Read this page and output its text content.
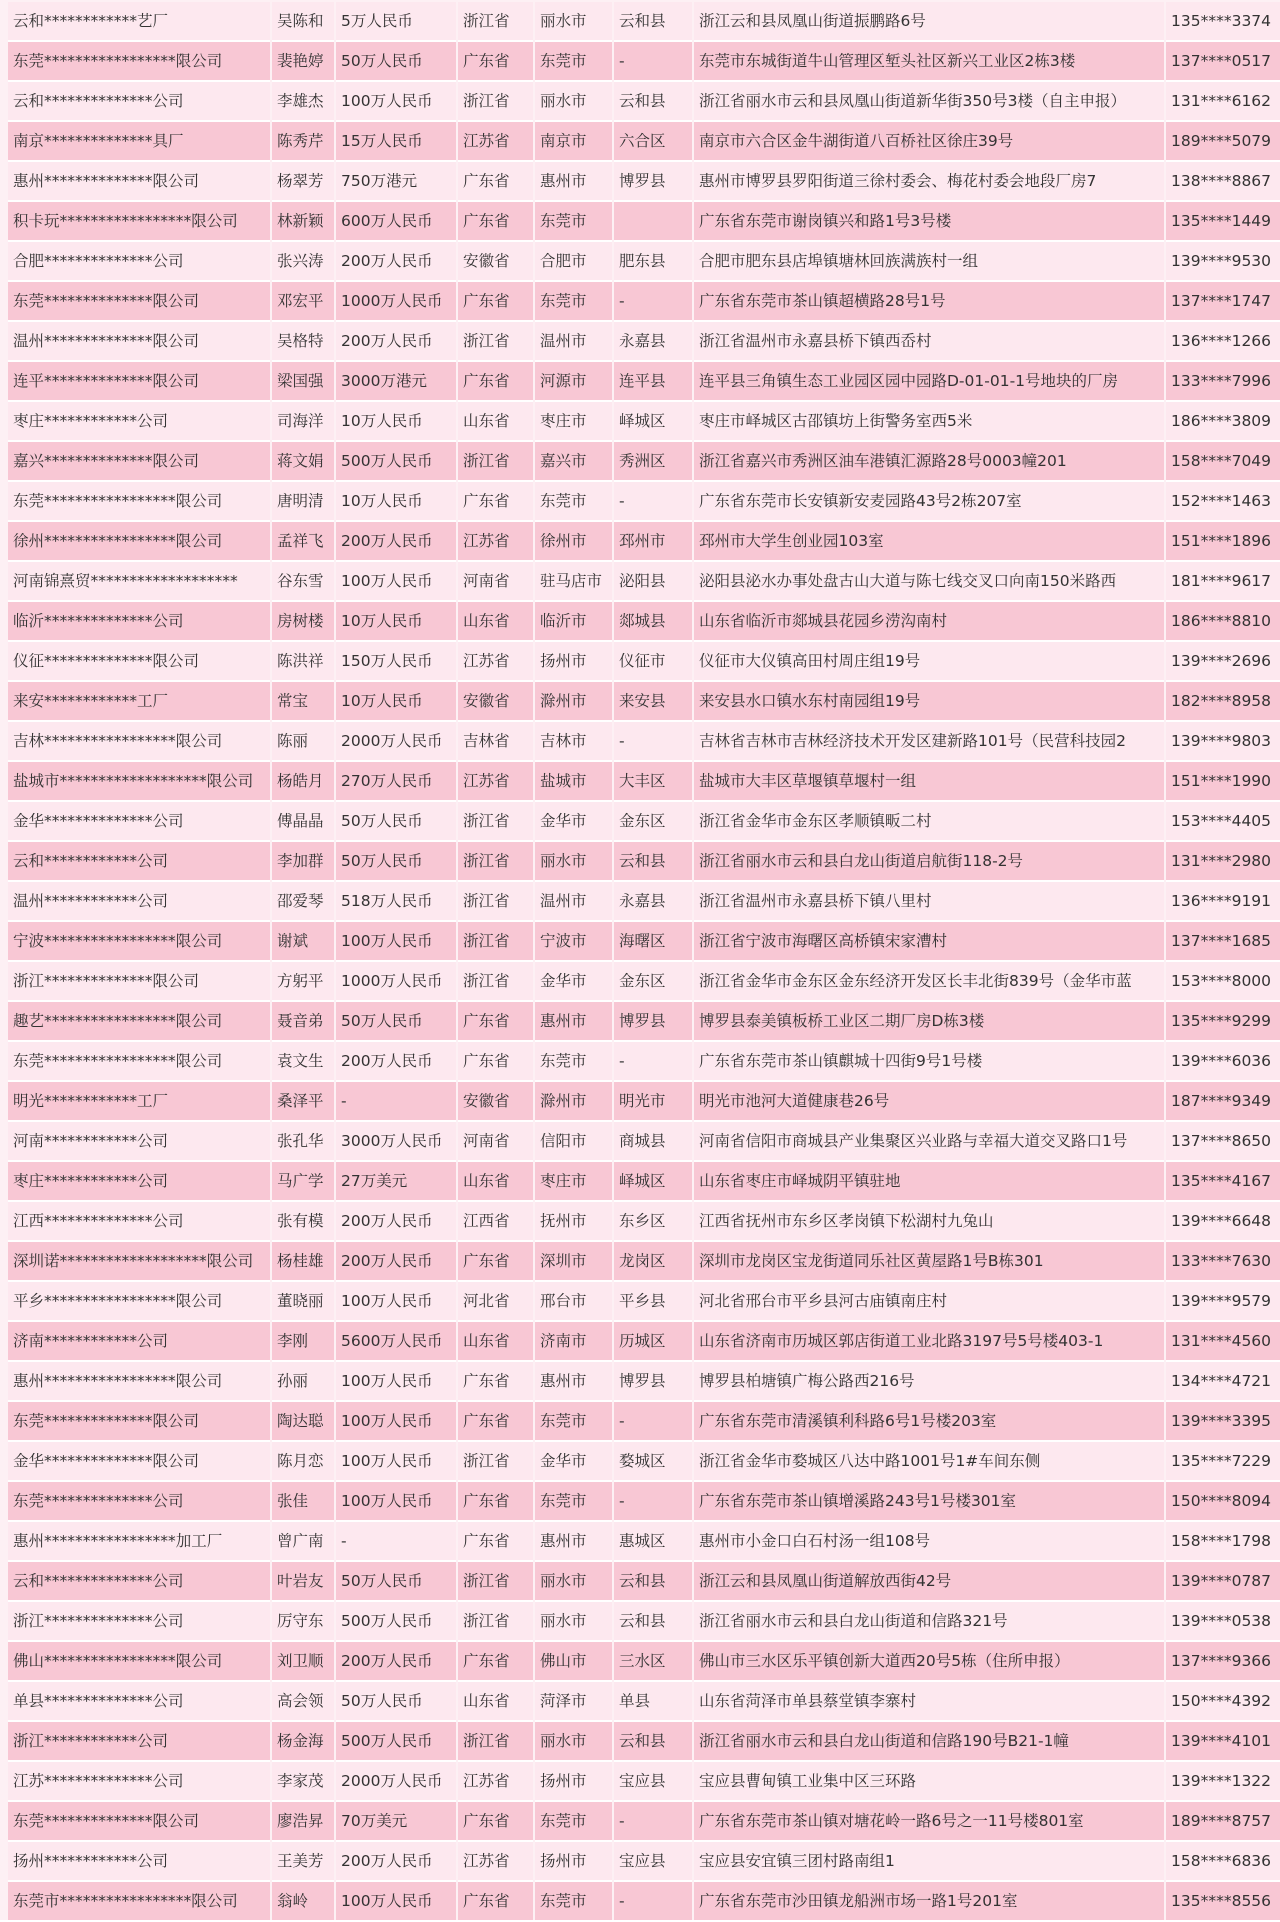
云和************艺厂	吴陈和	5万人民币	浙江省	丽水市	云和县	浙江云和县凤凰山街道振鹏路6号	135****3374
东莞*****************限公司	裴艳婷	50万人民币	广东省	东莞市	-	东莞市东城街道牛山管理区堑头社区新兴工业区2栋3楼	137****0517
云和**************公司	李雄杰	100万人民币	浙江省	丽水市	云和县	浙江省丽水市云和县凤凰山街道新华街350号3楼（自主申报）	131****6162
南京**************具厂	陈秀芹	15万人民币	江苏省	南京市	六合区	南京市六合区金牛湖街道八百桥社区徐庄39号	189****5079
惠州**************限公司	杨翠芳	750万港元	广东省	惠州市	博罗县	惠州市博罗县罗阳街道三徐村委会、梅花村委会地段厂房7	138****8867
积卡玩*****************限公司	林新颖	600万人民币	广东省	东莞市		广东省东莞市谢岗镇兴和路1号3号楼	135****1449
合肥**************公司	张兴涛	200万人民币	安徽省	合肥市	肥东县	合肥市肥东县店埠镇塘林回族满族村一组	139****9530
东莞**************限公司	邓宏平	1000万人民币	广东省	东莞市	-	广东省东莞市茶山镇超横路28号1号	137****1747
温州**************限公司	吴格特	200万人民币	浙江省	温州市	永嘉县	浙江省温州市永嘉县桥下镇西岙村	136****1266
连平**************限公司	梁国强	3000万港元	广东省	河源市	连平县	连平县三角镇生态工业园区园中园路D-01-01-1号地块的厂房	133****7996
枣庄************公司	司海洋	10万人民币	山东省	枣庄市	峄城区	枣庄市峄城区古邵镇坊上街警务室西5米	186****3809
嘉兴**************限公司	蒋文娟	500万人民币	浙江省	嘉兴市	秀洲区	浙江省嘉兴市秀洲区油车港镇汇源路28号0003幢201	158****7049
东莞*****************限公司	唐明清	10万人民币	广东省	东莞市	-	广东省东莞市长安镇新安麦园路43号2栋207室	152****1463
徐州*****************限公司	孟祥飞	200万人民币	江苏省	徐州市	邳州市	邳州市大学生创业园103室	151****1896
河南锦熹贸*******************	谷东雪	100万人民币	河南省	驻马店市	泌阳县	泌阳县泌水办事处盘古山大道与陈七线交叉口向南150米路西	181****9617
临沂**************公司	房树楼	10万人民币	山东省	临沂市	郯城县	山东省临沂市郯城县花园乡涝沟南村	186****8810
仪征**************限公司	陈洪祥	150万人民币	江苏省	扬州市	仪征市	仪征市大仪镇高田村周庄组19号	139****2696
来安************工厂	常宝	10万人民币	安徽省	滁州市	来安县	来安县水口镇水东村南园组19号	182****8958
吉林*****************限公司	陈丽	2000万人民币	吉林省	吉林市	-	吉林省吉林市吉林经济技术开发区建新路101号（民营科技园2	139****9803
盐城市*******************限公司	杨皓月	270万人民币	江苏省	盐城市	大丰区	盐城市大丰区草堰镇草堰村一组	151****1990
金华**************公司	傅晶晶	50万人民币	浙江省	金华市	金东区	浙江省金华市金东区孝顺镇畈二村	153****4405
云和************公司	李加群	50万人民币	浙江省	丽水市	云和县	浙江省丽水市云和县白龙山街道启航街118-2号	131****2980
温州************公司	邵爱琴	518万人民币	浙江省	温州市	永嘉县	浙江省温州市永嘉县桥下镇八里村	136****9191
宁波*****************限公司	谢斌	100万人民币	浙江省	宁波市	海曙区	浙江省宁波市海曙区高桥镇宋家漕村	137****1685
浙江**************限公司	方躬平	1000万人民币	浙江省	金华市	金东区	浙江省金华市金东区金东经济开发区长丰北街839号（金华市蓝	153****8000
趣艺*****************限公司	聂音弟	50万人民币	广东省	惠州市	博罗县	博罗县泰美镇板桥工业区二期厂房D栋3楼	135****9299
东莞*****************限公司	袁文生	200万人民币	广东省	东莞市	-	广东省东莞市茶山镇麒城十四街9号1号楼	139****6036
明光************工厂	桑泽平	-	安徽省	滁州市	明光市	明光市池河大道健康巷26号	187****9349
河南************公司	张孔华	3000万人民币	河南省	信阳市	商城县	河南省信阳市商城县产业集聚区兴业路与幸福大道交叉路口1号	137****8650
枣庄************公司	马广学	27万美元	山东省	枣庄市	峄城区	山东省枣庄市峄城阴平镇驻地	135****4167
江西**************公司	张有模	200万人民币	江西省	抚州市	东乡区	江西省抚州市东乡区孝岗镇下松湖村九兔山	139****6648
深圳诺*******************限公司	杨桂雄	200万人民币	广东省	深圳市	龙岗区	深圳市龙岗区宝龙街道同乐社区黄屋路1号B栋301	133****7630
平乡*****************限公司	董晓丽	100万人民币	河北省	邢台市	平乡县	河北省邢台市平乡县河古庙镇南庄村	139****9579
济南************公司	李刚	5600万人民币	山东省	济南市	历城区	山东省济南市历城区郭店街道工业北路3197号5号楼403-1	131****4560
惠州*****************限公司	孙丽	100万人民币	广东省	惠州市	博罗县	博罗县柏塘镇广梅公路西216号	134****4721
东莞**************限公司	陶达聪	100万人民币	广东省	东莞市	-	广东省东莞市清溪镇利科路6号1号楼203室	139****3395
金华**************限公司	陈月恋	100万人民币	浙江省	金华市	婺城区	浙江省金华市婺城区八达中路1001号1#车间东侧	135****7229
东莞**************公司	张佳	100万人民币	广东省	东莞市	-	广东省东莞市茶山镇增溪路243号1号楼301室	150****8094
惠州*****************加工厂	曾广南	-	广东省	惠州市	惠城区	惠州市小金口白石村汤一组108号	158****1798
云和**************公司	叶岩友	50万人民币	浙江省	丽水市	云和县	浙江云和县凤凰山街道解放西街42号	139****0787
浙江**************公司	厉守东	500万人民币	浙江省	丽水市	云和县	浙江省丽水市云和县白龙山街道和信路321号	139****0538
佛山*****************限公司	刘卫顺	200万人民币	广东省	佛山市	三水区	佛山市三水区乐平镇创新大道西20号5栋（住所申报）	137****9366
单县**************公司	高会领	50万人民币	山东省	菏泽市	单县	山东省菏泽市单县蔡堂镇李寨村	150****4392
浙江************公司	杨金海	500万人民币	浙江省	丽水市	云和县	浙江省丽水市云和县白龙山街道和信路190号B21-1幢	139****4101
江苏**************公司	李家茂	2000万人民币	江苏省	扬州市	宝应县	宝应县曹甸镇工业集中区三环路	139****1322
东莞**************限公司	廖浩昇	70万美元	广东省	东莞市	-	广东省东莞市茶山镇对塘花岭一路6号之一11号楼801室	189****8757
扬州************公司	王美芳	200万人民币	江苏省	扬州市	宝应县	宝应县安宜镇三团村路南组1	158****6836
东莞市*****************限公司	翁岭	100万人民币	广东省	东莞市	-	广东省东莞市沙田镇龙船洲市场一路1号201室	135****8556
